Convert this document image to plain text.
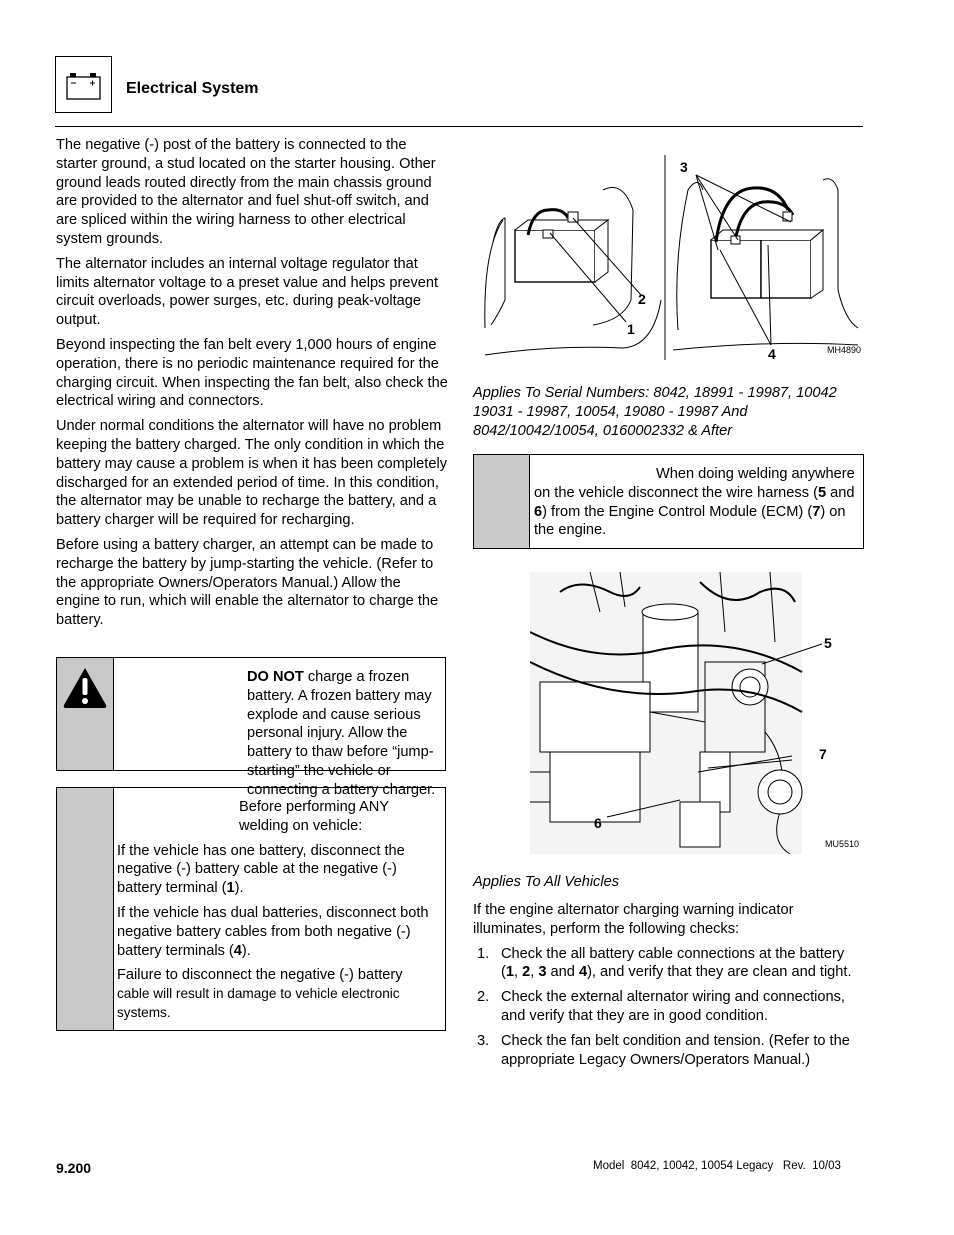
Electrical System

The negative (-) post of the battery is connected to the starter ground, a stud located on the starter housing. Other ground leads routed directly from the main chassis ground are provided to the alternator and fuel shut-off switch, and are spliced within the wiring harness to other electrical system grounds.

The alternator includes an internal voltage regulator that limits alternator voltage to a preset value and helps prevent circuit overloads, power surges, etc. during peak-voltage output.

Beyond inspecting the fan belt every 1,000 hours of engine operation, there is no periodic maintenance required for the charging circuit. When inspecting the fan belt, also check the electrical wiring and connectors.

Under normal conditions the alternator will have no problem keeping the battery charged. The only condition in which the battery may cause a problem is when it has been completely discharged for an extended period of time. In this condition, the alternator may be unable to recharge the battery, and a battery charger will be required for recharging.

Before using a battery charger, an attempt can be made to recharge the battery by jump-starting the vehicle. (Refer to the appropriate Owners/Operators Manual.) Allow the engine to run, which will enable the alternator to charge the battery.

DO NOT charge a frozen battery. A frozen battery may explode and cause serious personal injury. Allow the battery to thaw before “jump-starting” the vehicle or connecting a battery charger.

Before performing ANY welding on vehicle:

If the vehicle has one battery, disconnect the negative (-) battery cable at the negative (-) battery terminal (1).

If the vehicle has dual batteries, disconnect both negative battery cables from both negative (-) battery terminals (4).

Failure to disconnect the negative (-) battery cable will result in damage to vehicle electronic systems.

2
1
3
4	MH4890
Applies To Serial Numbers: 8042, 18991 - 19987, 10042 19031 - 19987, 10054, 19080 - 19987 And 8042/10042/10054, 0160002332 & After

When doing welding anywhere on the vehicle disconnect the wire harness (5 and 6) from the Engine Control Module (ECM) (7) on the engine.

5
7
6
MU5510
Applies To All Vehicles

If the engine alternator charging warning indicator illuminates, perform the following checks:

1. Check the all battery cable connections at the battery (1, 2, 3 and 4), and verify that they are clean and tight.
2. Check the external alternator wiring and connections, and verify that they are in good condition.
3. Check the fan belt condition and tension. (Refer to the appropriate Legacy Owners/Operators Manual.)
9.200	Model  8042, 10042, 10054 Legacy   Rev.  10/03
